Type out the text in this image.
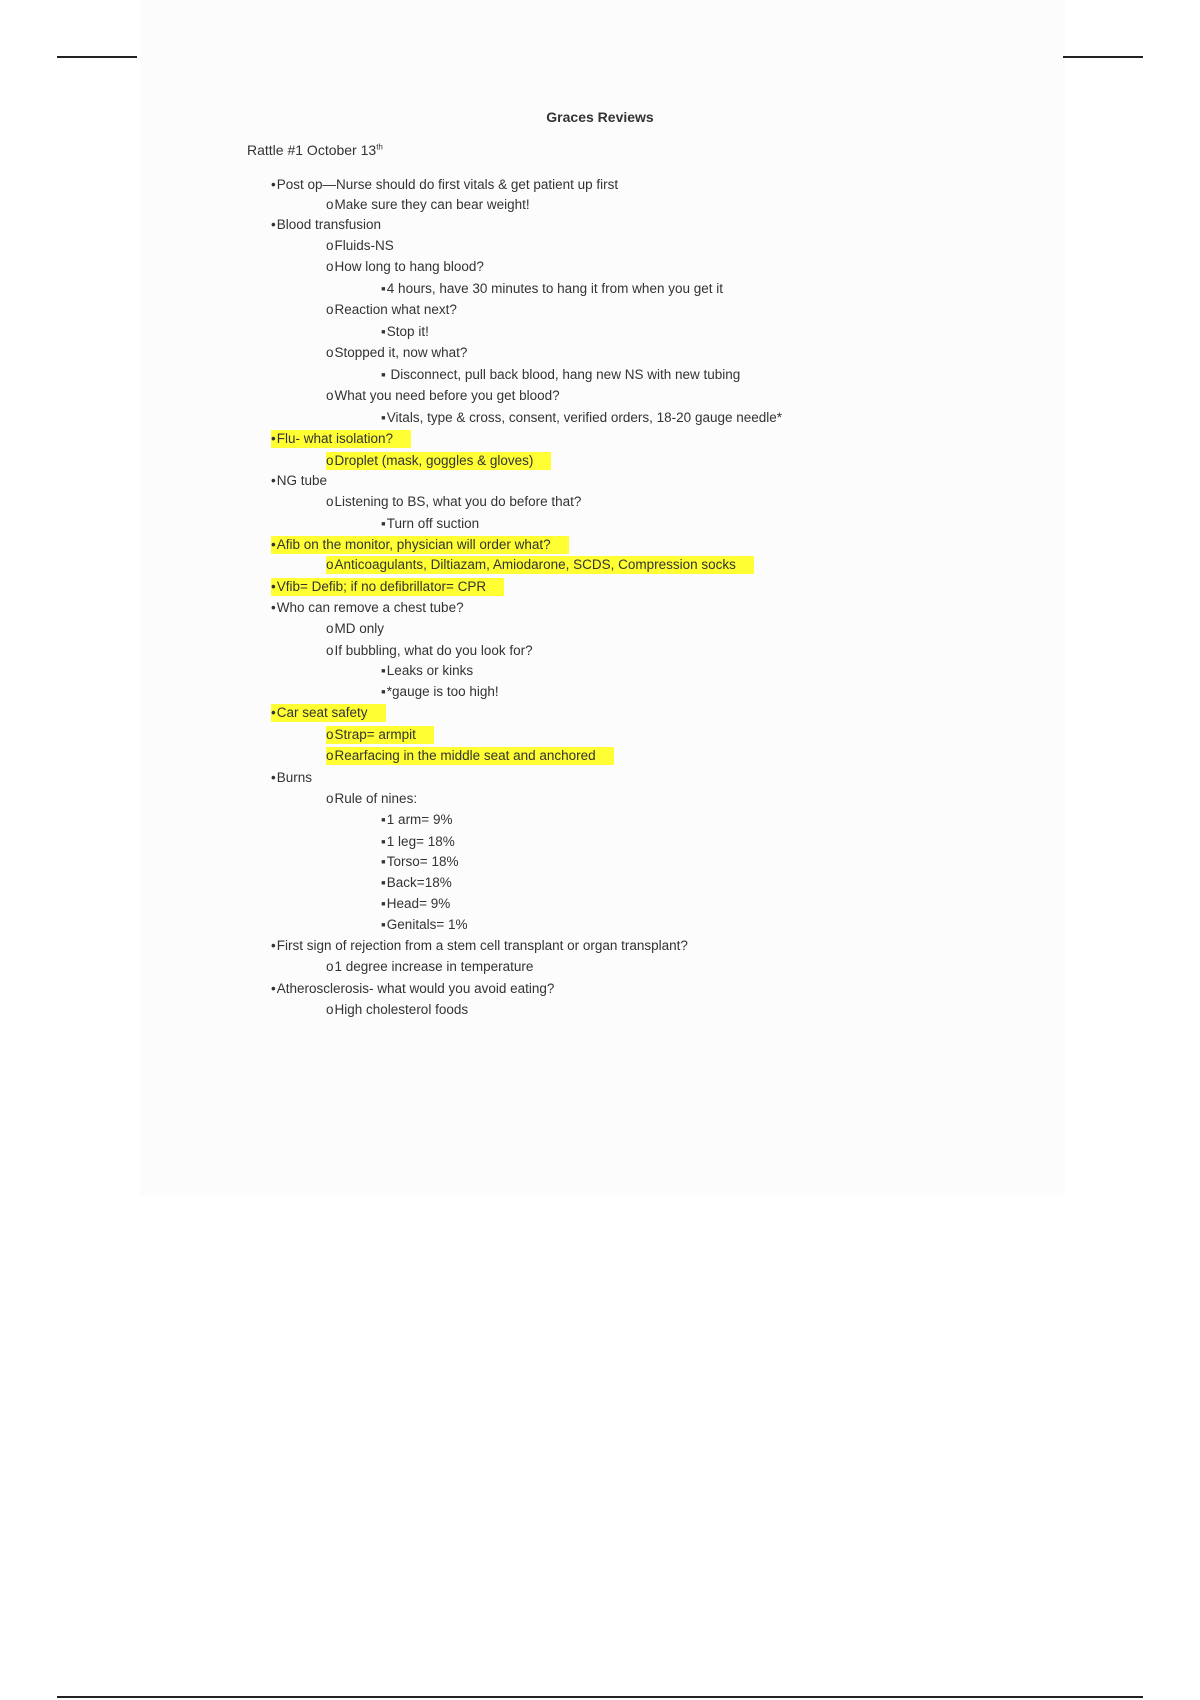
Graces Reviews
Rattle #1 October 13th
•Post op—Nurse should do first vitals & get patient up first
oMake sure they can bear weight!
•Blood transfusion
oFluids-NS
oHow long to hang blood?
▪4 hours, have 30 minutes to hang it from when you get it
oReaction what next?
▪Stop it!
oStopped it, now what?
▪ Disconnect, pull back blood, hang new NS with new tubing
oWhat you need before you get blood?
▪Vitals, type & cross, consent, verified orders, 18-20 gauge needle*
•Flu- what isolation?
oDroplet (mask, goggles & gloves)
•NG tube
oListening to BS, what you do before that?
▪Turn off suction
•Afib on the monitor, physician will order what?
oAnticoagulants, Diltiazam, Amiodarone, SCDS, Compression socks
•Vfib= Defib; if no defibrillator= CPR
•Who can remove a chest tube?
oMD only
oIf bubbling, what do you look for?
▪Leaks or kinks
▪*gauge is too high!
•Car seat safety
oStrap= armpit
oRearfacing in the middle seat and anchored
•Burns
oRule of nines:
▪1 arm= 9%
▪1 leg= 18%
▪Torso= 18%
▪Back=18%
▪Head= 9%
▪Genitals= 1%
•First sign of rejection from a stem cell transplant or organ transplant?
o1 degree increase in temperature
•Atherosclerosis- what would you avoid eating?
oHigh cholesterol foods
